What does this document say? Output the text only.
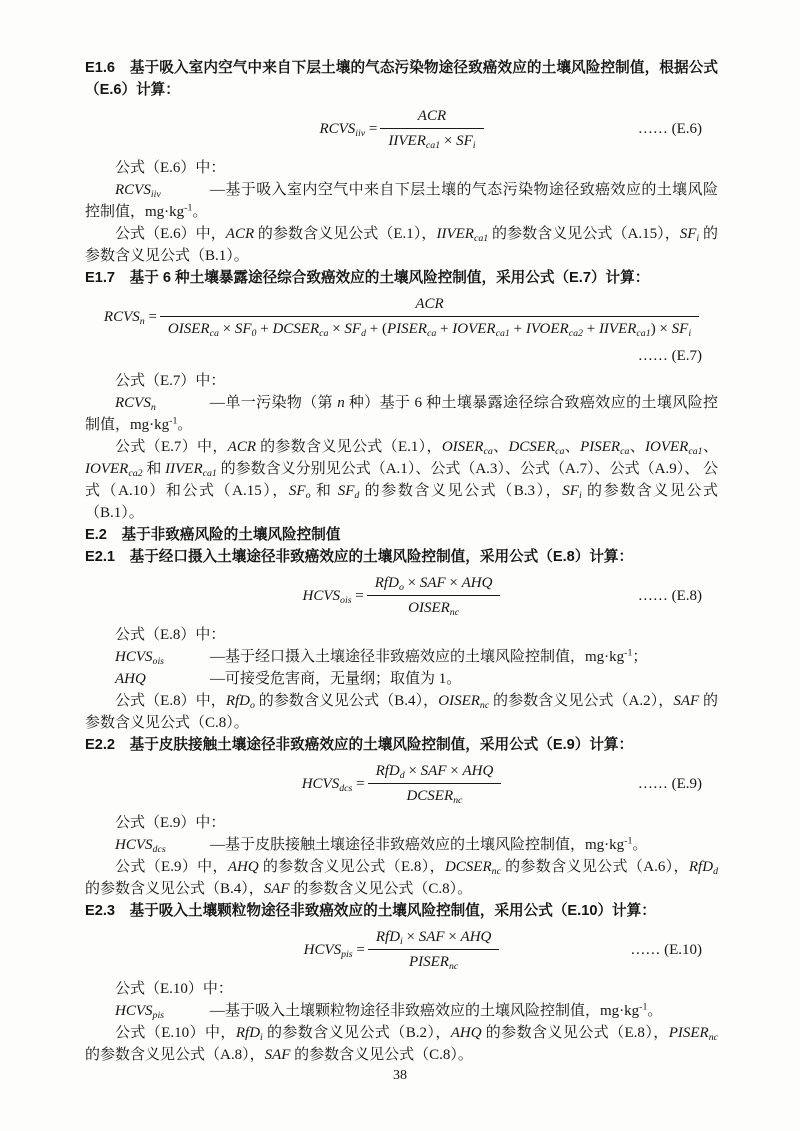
E1.6　基于吸入室内空气中来自下层土壤的气态污染物途径致癌效应的土壤风险控制值，根据公式（E.6）计算：

RCVSiiv = $\frac{\text{ACR}}{\text{IIVERca1 × SFi}}$	…… (E.6)

公式（E.6）中：

RCVSiiv	—基于吸入室内空气中来自下层土壤的气态污染物途径致癌效应的土壤风险控制值，$mg\cdot kg^{-1}$。

公式（E.6）中，ACR 的参数含义见公式（E.1），IIVERca1 的参数含义见公式（A.15），SFi 的参数含义见公式（B.1）。

E1.7　基于 6 种土壤暴露途径综合致癌效应的土壤风险控制值，采用公式（E.7）计算：

RCVSn =
ACR
OISERca × SF0 + DCSERca × SFd + (PISERca + IOVERca1 + IVOERca2 + IIVERca1) × SFi
…… (E.7)

公式（E.7）中：

RCVSn	—单一污染物（第 n 种）基于 6 种土壤暴露途径综合致癌效应的土壤风险控制值，$mg\cdot kg^{-1}$。

公式（E.7）中，ACR 的参数含义见公式（E.1），OISERca、DCSERca、PISERca、IOVERca1、 IOVERca2 和 IIVERca1 的参数含义分别见公式（A.1）、公式（A.3）、公式（A.7）、公式（A.9）、 公式（A.10）和公式（A.15），SFo 和 SFd 的参数含义见公式（B.3），SFi 的参数含义见公式（B.1）。

E.2　基于非致癌风险的土壤风险控制值

E2.1　基于经口摄入土壤途径非致癌效应的土壤风险控制值，采用公式（E.8）计算：

HCVSois = $\frac{\text{RfDo × SAF × AHQ}}{\text{OISERnc}}$	…… (E.8)

公式（E.8）中：

HCVSois	—基于经口摄入土壤途径非致癌效应的土壤风险控制值，$mg\cdot kg^{-1}$；

AHQ	—可接受危害商，无量纲；取值为 1。

公式（E.8）中，RfDo 的参数含义见公式（B.4），OISERnc 的参数含义见公式（A.2），SAF 的参数含义见公式（C.8）。

E2.2　基于皮肤接触土壤途径非致癌效应的土壤风险控制值，采用公式（E.9）计算：

HCVSdcs = $\frac{\text{RfDd × SAF × AHQ}}{\text{DCSERnc}}$	…… (E.9)

公式（E.9）中：

HCVSdcs	—基于皮肤接触土壤途径非致癌效应的土壤风险控制值，$mg\cdot kg^{-1}$。

公式（E.9）中，AHQ 的参数含义见公式（E.8），DCSERnc 的参数含义见公式（A.6），RfDd 的参数含义见公式（B.4），SAF 的参数含义见公式（C.8）。

E2.3　基于吸入土壤颗粒物途径非致癌效应的土壤风险控制值，采用公式（E.10）计算：

HCVSpis = $\frac{\text{RfDi × SAF × AHQ}}{\text{PISERnc}}$	…… (E.10)

公式（E.10）中：

HCVSpis	—基于吸入土壤颗粒物途径非致癌效应的土壤风险控制值，$mg\cdot kg^{-1}$。

公式（E.10）中，RfDi 的参数含义见公式（B.2），AHQ 的参数含义见公式（E.8），PISERnc的参数含义见公式（A.8），SAF 的参数含义见公式（C.8）。

38
